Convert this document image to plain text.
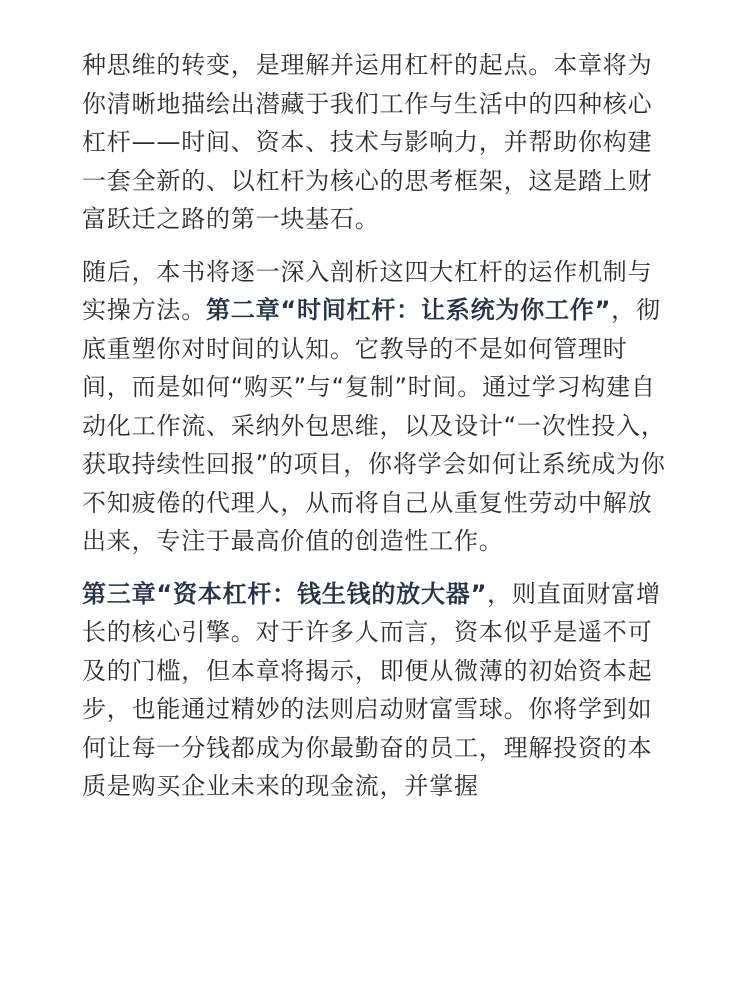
种思维的转变，是理解并运用杠杆的起点。本章将为你清晰地描绘出潜藏于我们工作与生活中的四种核心杠杆——时间、资本、技术与影响力，并帮助你构建一套全新的、以杠杆为核心的思考框架，这是踏上财富跃迁之路的第一块基石。

随后，本书将逐一深入剖析这四大杠杆的运作机制与实操方法。第二章“时间杠杆：让系统为你工作”，彻底重塑你对时间的认知。它教导的不是如何管理时间，而是如何“购买”与“复制”时间。通过学习构建自动化工作流、采纳外包思维，以及设计“一次性投入，获取持续性回报”的项目，你将学会如何让系统成为你不知疲倦的代理人，从而将自己从重复性劳动中解放出来，专注于最高价值的创造性工作。

第三章“资本杠杆：钱生钱的放大器”，则直面财富增长的核心引擎。对于许多人而言，资本似乎是遥不可及的门槛，但本章将揭示，即便从微薄的初始资本起步，也能通过精妙的法则启动财富雪球。你将学到如何让每一分钱都成为你最勤奋的员工，理解投资的本质是购买企业未来的现金流，并掌握
